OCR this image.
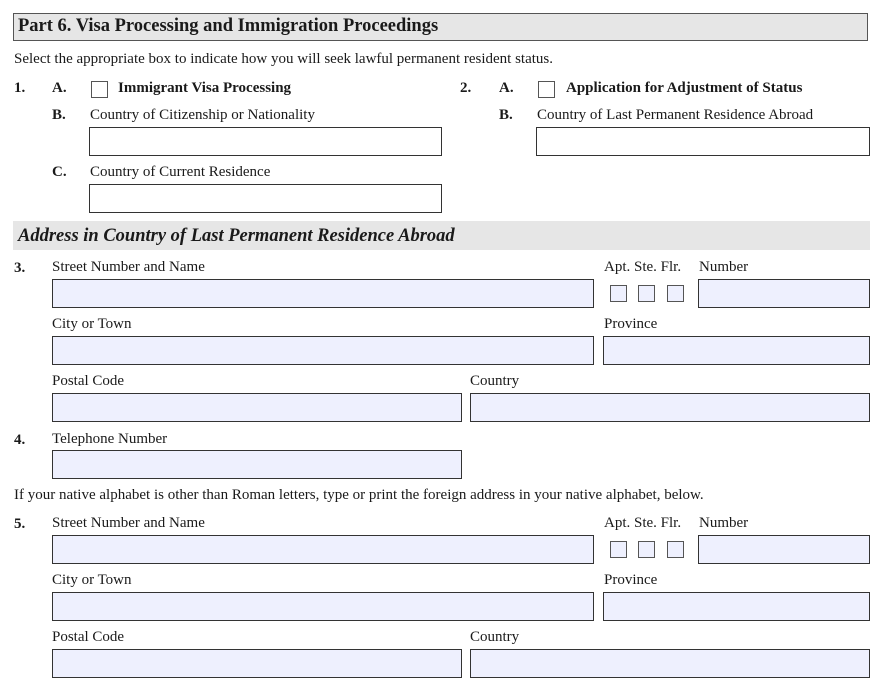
Part 6. Visa Processing and Immigration Proceedings
Select the appropriate box to indicate how you will seek lawful permanent resident status.
1. A.	Immigrant Visa Processing
B. Country of Citizenship or Nationality
C. Country of Current Residence
2. A.	Application for Adjustment of Status
B. Country of Last Permanent Residence Abroad
Address in Country of Last Permanent Residence Abroad
3. Street Number and Name	Apt. Ste. Flr. Number
City or Town	Province
Postal Code	Country
4. Telephone Number
If your native alphabet is other than Roman letters, type or print the foreign address in your native alphabet, below.
5. Street Number and Name	Apt. Ste. Flr. Number
City or Town	Province
Postal Code	Country
